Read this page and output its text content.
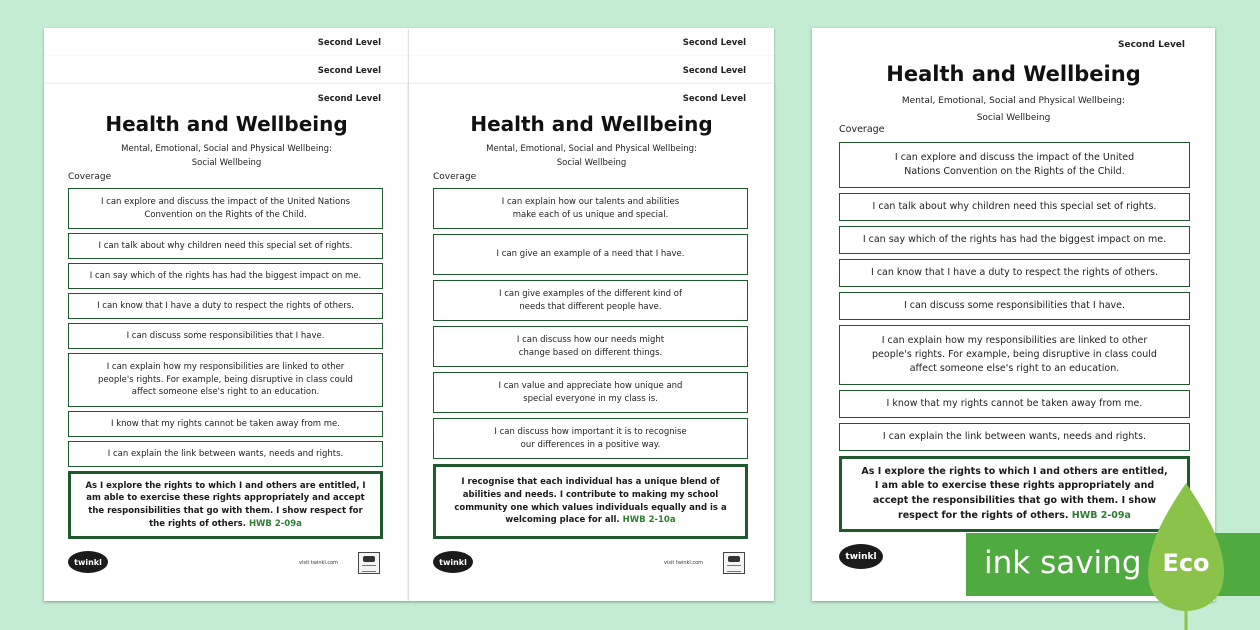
Second Level
Second Level
Second Level
Health and Wellbeing
Mental, Emotional, Social and Physical Wellbeing:
Social Wellbeing
Coverage
I can explore and discuss the impact of the United Nations Convention on the Rights of the Child.
I can talk about why children need this special set of rights.
I can say which of the rights has had the biggest impact on me.
I can know that I have a duty to respect the rights of others.
I can discuss some responsibilities that I have.
I can explain how my responsibilities are linked to other people's rights. For example, being disruptive in class could affect someone else's right to an education.
I know that my rights cannot be taken away from me.
I can explain the link between wants, needs and rights.
As I explore the rights to which I and others are entitled, I am able to exercise these rights appropriately and accept the responsibilities that go with them. I show respect for the rights of others. HWB 2-09a
twinkl	visit twinkl.com
Second Level
Second Level
Second Level
Health and Wellbeing
Mental, Emotional, Social and Physical Wellbeing:
Social Wellbeing
Coverage
I can explain how our talents and abilities make each of us unique and special.
I can give an example of a need that I have.
I can give examples of the different kind of needs that different people have.
I can discuss how our needs might change based on different things.
I can value and appreciate how unique and special everyone in my class is.
I can discuss how important it is to recognise our differences in a positive way.
I recognise that each individual has a unique blend of abilities and needs. I contribute to making my school community one which values individuals equally and is a welcoming place for all. HWB 2-10a
twinkl	visit twinkl.com
Second Level
Health and Wellbeing
Mental, Emotional, Social and Physical Wellbeing:
Social Wellbeing
Coverage
I can explore and discuss the impact of the United Nations Convention on the Rights of the Child.
I can talk about why children need this special set of rights.
I can say which of the rights has had the biggest impact on me.
I can know that I have a duty to respect the rights of others.
I can discuss some responsibilities that I have.
I can explain how my responsibilities are linked to other people's rights. For example, being disruptive in class could affect someone else's right to an education.
I know that my rights cannot be taken away from me.
I can explain the link between wants, needs and rights.
As I explore the rights to which I and others are entitled, I am able to exercise these rights appropriately and accept the responsibilities that go with them. I show respect for the rights of others. HWB 2-09a
twinkl	ink saving Eco
